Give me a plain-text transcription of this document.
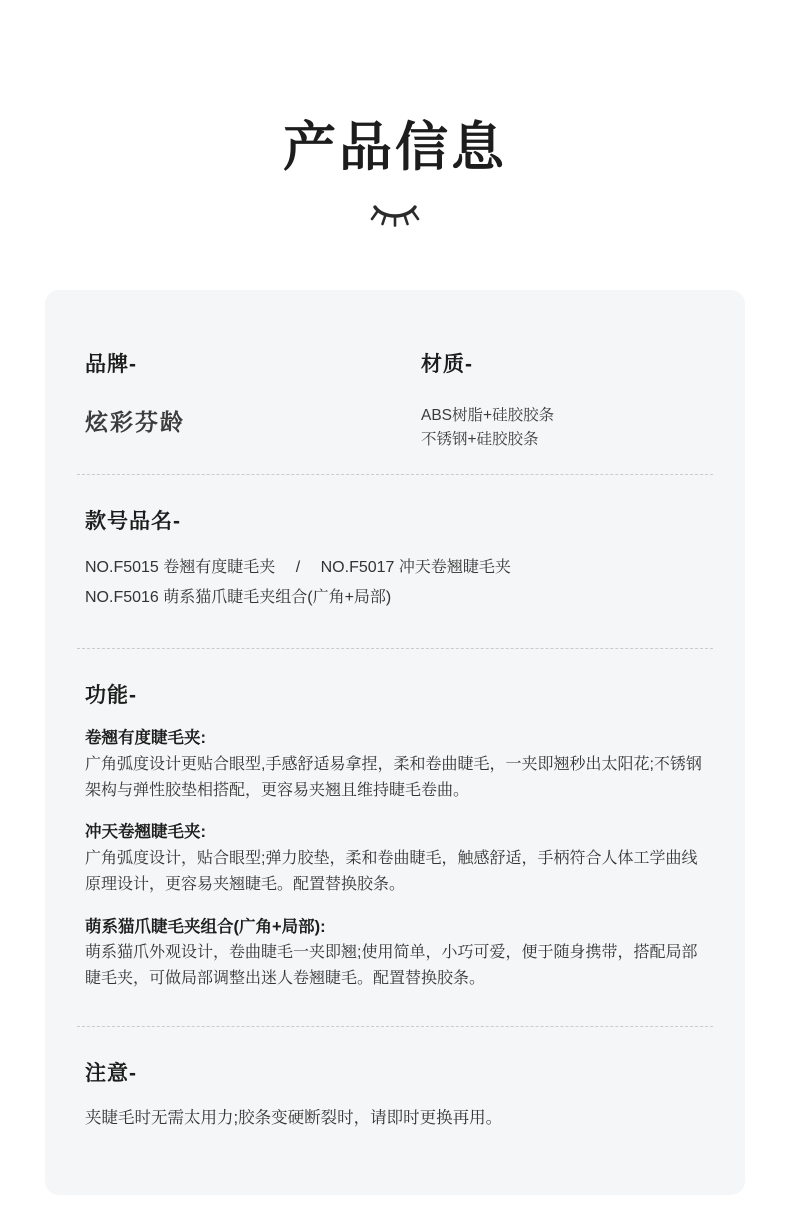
产品信息
品牌-
炫彩芬龄
材质-
ABS树脂+硅胶胶条
不锈钢+硅胶胶条
款号品名-
NO.F5015 卷翘有度睫毛夹 / NO.F5017 冲天卷翘睫毛夹
NO.F5016 萌系猫爪睫毛夹组合(广角+局部)
功能-
卷翘有度睫毛夹:
广角弧度设计更贴合眼型,手感舒适易拿捏，柔和卷曲睫毛，一夹即翘秒出太阳花;不锈钢架构与弹性胶垫相搭配，更容易夹翘且维持睫毛卷曲。
冲天卷翘睫毛夹:
广角弧度设计，贴合眼型;弹力胶垫，柔和卷曲睫毛，触感舒适，手柄符合人体工学曲线原理设计，更容易夹翘睫毛。配置替换胶条。
萌系猫爪睫毛夹组合(广角+局部):
萌系猫爪外观设计，卷曲睫毛一夹即翘;使用简单，小巧可爱，便于随身携带，搭配局部睫毛夹，可做局部调整出迷人卷翘睫毛。配置替换胶条。
注意-
夹睫毛时无需太用力;胶条变硬断裂时，请即时更换再用。
